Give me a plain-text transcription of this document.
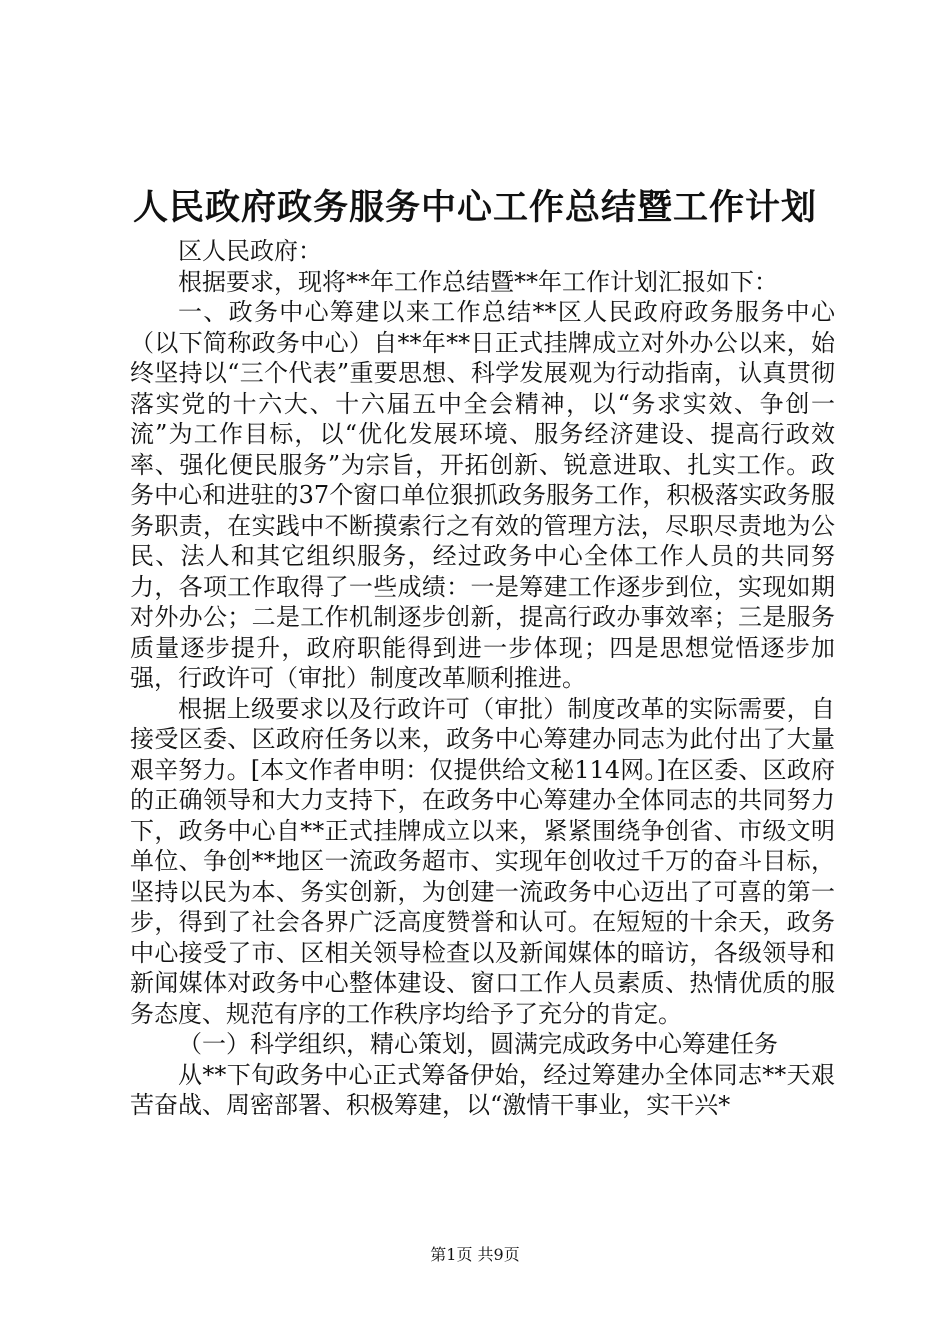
人民政府政务服务中心工作总结暨工作计划

区人民政府：

根据要求，现将**年工作总结暨**年工作计划汇报如下：

一、政务中心筹建以来工作总结**区人民政府政务服务中心（以下简称政务中心）自**年**日正式挂牌成立对外办公以来，始终坚持以“三个代表”重要思想、科学发展观为行动指南，认真贯彻落实党的十六大、十六届五中全会精神，以“务求实效、争创一流”为工作目标，以“优化发展环境、服务经济建设、提高行政效率、强化便民服务”为宗旨，开拓创新、锐意进取、扎实工作。政务中心和进驻的37个窗口单位狠抓政务服务工作，积极落实政务服务职责，在实践中不断摸索行之有效的管理方法，尽职尽责地为公民、法人和其它组织服务，经过政务中心全体工作人员的共同努力，各项工作取得了一些成绩：一是筹建工作逐步到位，实现如期对外办公；二是工作机制逐步创新，提高行政办事效率；三是服务质量逐步提升，政府职能得到进一步体现；四是思想觉悟逐步加强，行政许可（审批）制度改革顺利推进。

根据上级要求以及行政许可（审批）制度改革的实际需要，自接受区委、区政府任务以来，政务中心筹建办同志为此付出了大量艰辛努力。[本文作者申明：仅提供给文秘114网。]在区委、区政府的正确领导和大力支持下，在政务中心筹建办全体同志的共同努力下，政务中心自**正式挂牌成立以来，紧紧围绕争创省、市级文明单位、争创**地区一流政务超市、实现年创收过千万的奋斗目标，坚持以民为本、务实创新，为创建一流政务中心迈出了可喜的第一步，得到了社会各界广泛高度赞誉和认可。在短短的十余天，政务中心接受了市、区相关领导检查以及新闻媒体的暗访，各级领导和新闻媒体对政务中心整体建设、窗口工作人员素质、热情优质的服务态度、规范有序的工作秩序均给予了充分的肯定。

（一）科学组织，精心策划，圆满完成政务中心筹建任务

从**下旬政务中心正式筹备伊始，经过筹建办全体同志**天艰苦奋战、周密部署、积极筹建，以“激情干事业，实干兴*

第1页 共9页
